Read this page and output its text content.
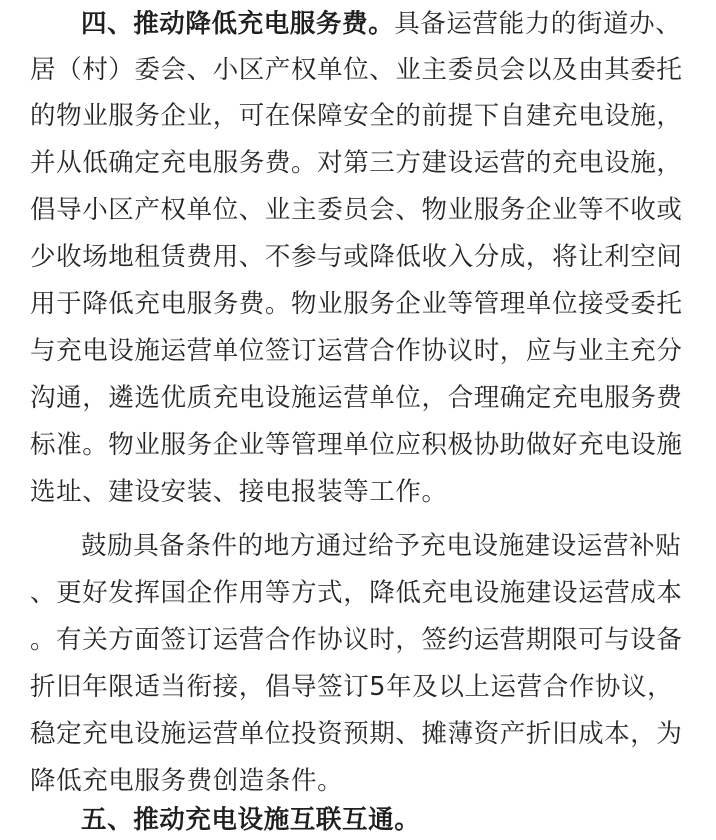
四、推动降低充电服务费。具备运营能力的街道办、
居（村）委会、小区产权单位、业主委员会以及由其委托
的物业服务企业，可在保障安全的前提下自建充电设施，
并从低确定充电服务费。对第三方建设运营的充电设施，
倡导小区产权单位、业主委员会、物业服务企业等不收或
少收场地租赁费用、不参与或降低收入分成，将让利空间
用于降低充电服务费。物业服务企业等管理单位接受委托
与充电设施运营单位签订运营合作协议时，应与业主充分
沟通，遴选优质充电设施运营单位，合理确定充电服务费
标准。物业服务企业等管理单位应积极协助做好充电设施
选址、建设安装、接电报装等工作。
鼓励具备条件的地方通过给予充电设施建设运营补贴
、更好发挥国企作用等方式，降低充电设施建设运营成本
。有关方面签订运营合作协议时，签约运营期限可与设备
折旧年限适当衔接，倡导签订5年及以上运营合作协议，
稳定充电设施运营单位投资预期、摊薄资产折旧成本，为
降低充电服务费创造条件。
五、推动充电设施互联互通。
